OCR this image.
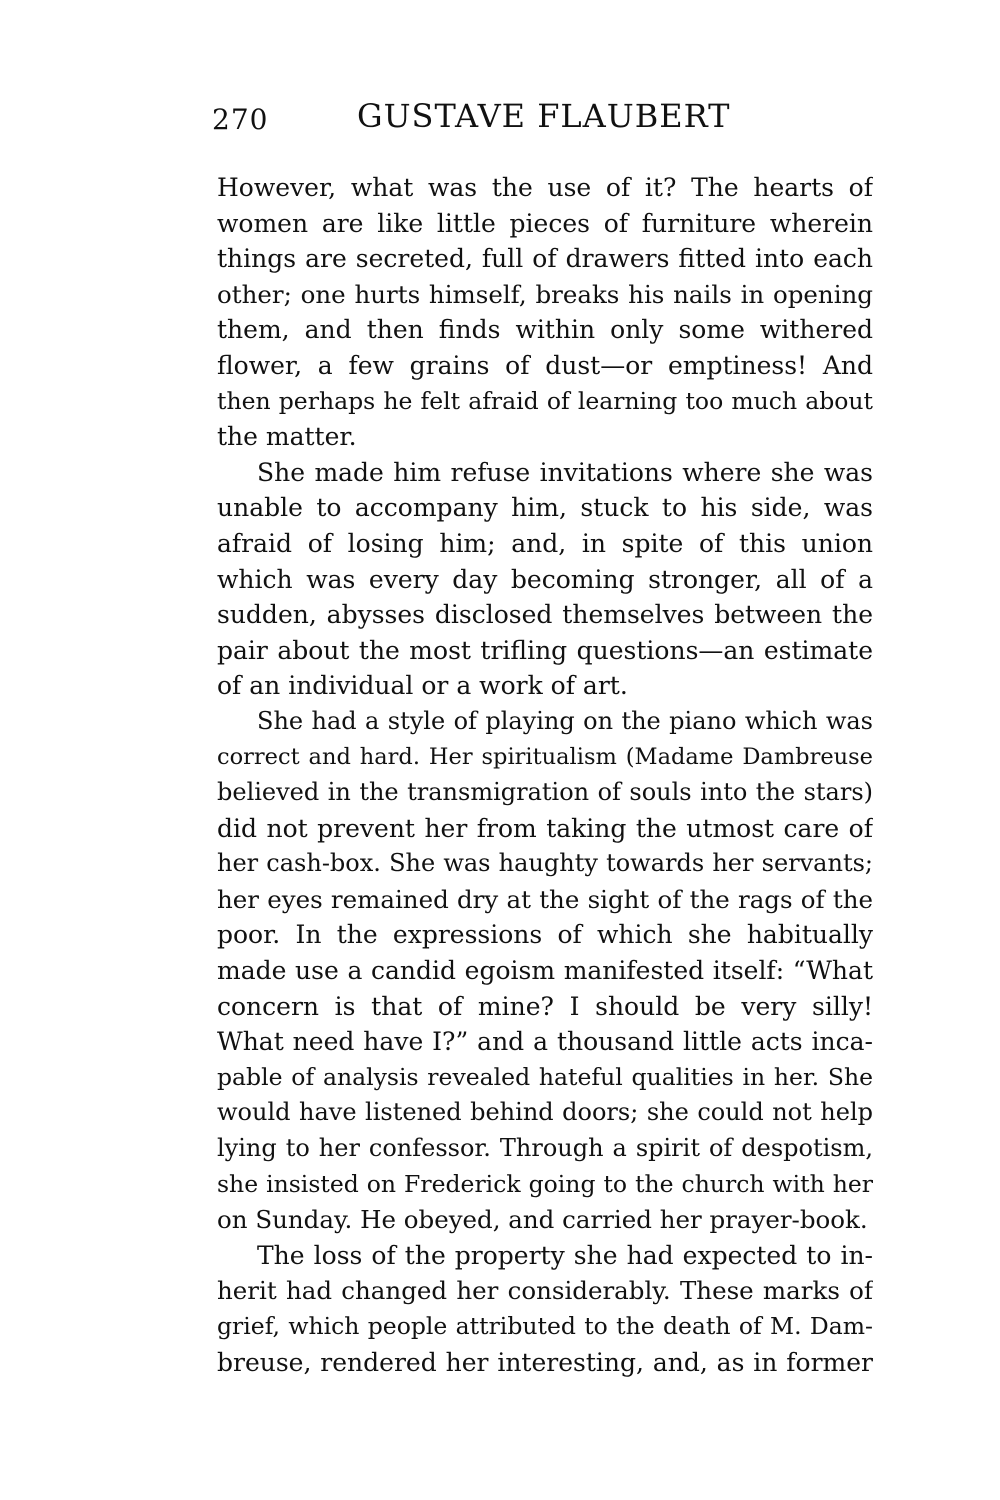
270	GUSTAVE FLAUBERT
However, what was the use of it? The hearts of
women are like little pieces of furniture wherein
things are secreted, full of drawers fitted into each
other; one hurts himself, breaks his nails in opening
them, and then finds within only some withered
flower, a few grains of dust—or emptiness! And
then perhaps he felt afraid of learning too much about
the matter.
She made him refuse invitations where she was
unable to accompany him, stuck to his side, was
afraid of losing him; and, in spite of this union
which was every day becoming stronger, all of a
sudden, abysses disclosed themselves between the
pair about the most trifling questions—an estimate
of an individual or a work of art.
She had a style of playing on the piano which was
correct and hard. Her spiritualism (Madame Dambreuse
believed in the transmigration of souls into the stars)
did not prevent her from taking the utmost care of
her cash-box. She was haughty towards her servants;
her eyes remained dry at the sight of the rags of the
poor. In the expressions of which she habitually
made use a candid egoism manifested itself: “What
concern is that of mine? I should be very silly!
What need have I?” and a thousand little acts inca-
pable of analysis revealed hateful qualities in her. She
would have listened behind doors; she could not help
lying to her confessor. Through a spirit of despotism,
she insisted on Frederick going to the church with her
on Sunday. He obeyed, and carried her prayer-book.
The loss of the property she had expected to in-
herit had changed her considerably. These marks of
grief, which people attributed to the death of M. Dam-
breuse, rendered her interesting, and, as in former
